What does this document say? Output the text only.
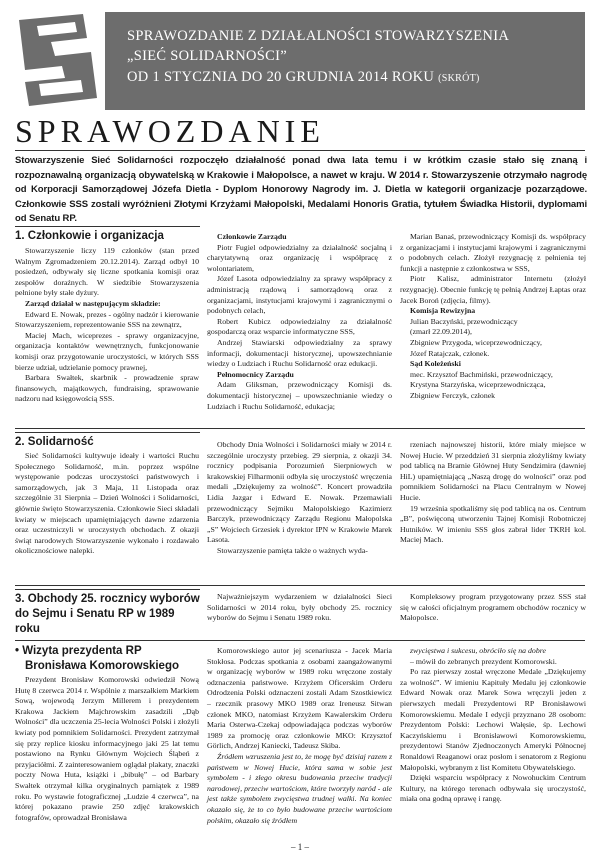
SPRAWOZDANIE Z DZIAŁALNOŚCI STOWARZYSZENIA
„SIEĆ SOLIDARNOŚCI”
OD 1 STYCZNIA DO 20 GRUDNIA 2014 ROKU (SKRÓT)
SPRAWOZDANIE
Stowarzyszenie Sieć Solidarności rozpoczęło działalność ponad dwa lata temu i w krótkim czasie stało się znaną i rozpoznawalną organizacją obywatelską w Krakowie i Małopolsce, a nawet w kraju. W 2014 r. Stowarzyszenie otrzymało nagrodę od Korporacji Samorządowej Józefa Dietla - Dyplom Honorowy Nagrody im. J. Dietla w kategorii organizacje pozarządowe. Członkowie SSS zostali wyróżnieni Złotymi Krzyżami Małopolski, Medalami Honoris Gratia, tytułem Świadka Historii, dyplomami od Senatu RP.
1. Członkowie i organizacja

Stowarzyszenie liczy 119 członków (stan przed Walnym Zgromadzeniem 20.12.2014). Zarząd odbył 10 posiedzeń, odbywały się liczne spotkania komisji oraz zespołów doraźnych. W siedzibie Stowarzyszenia pełnione były stałe dyżury.

Zarząd działał w następującym składzie:

Edward E. Nowak, prezes - ogólny nadzór i kierowanie Stowarzyszeniem, reprezentowanie SSS na zewnątrz,

Maciej Mach, wiceprezes - sprawy organizacyjne, organizacja kontaktów wewnętrznych, funkcjonowanie komisji oraz przygotowanie uroczystości, w których SSS bierze udział, udzielanie pomocy prawnej,

Barbara Swałtek, skarbnik - prowadzenie spraw finansowych, majątkowych, fundraising, sprawowanie nadzoru nad księgowością SSS.

Członkowie Zarządu

Piotr Fugiel odpowiedzialny za działalność socjalną i charytatywną oraz organizację i współpracę z wolontariatem,

Józef Lasota odpowiedzialny za sprawy współpracy z administracją rządową i samorządową oraz z organizacjami, instytucjami krajowymi i zagranicznymi o podobnych celach,

Robert Kubicz odpowiedzialny za działalność gospodarczą oraz wsparcie informatyczne SSS,

Andrzej Stawiarski odpowiedzialny za sprawy informacji, dokumentacji historycznej, upowszechnianie wiedzy o Ludziach i Ruchu Solidarność oraz edukacji.

Pełnomocnicy Zarządu

Adam Gliksman, przewodniczący Komisji ds. dokumentacji historycznej – upowszechnianie wiedzy o Ludziach i Ruchu Solidarność, edukacja;

Marian Banaś, przewodniczący Komisji ds. współpracy z organizacjami i instytucjami krajowymi i zagranicznymi o podobnych celach. Złożył rezygnację z pełnienia tej funkcji a następnie z członkostwa w SSS,

Piotr Kalisz, administrator Internetu (złożył rezygnację). Obecnie funkcję tę pełnią Andrzej Łaptas oraz Jacek Boroń (zdjęcia, filmy).

Komisja Rewizyjna

Julian Baczyński, przewodniczący

(zmarł 22.09.2014),

Zbigniew Przygoda, wiceprzewodniczący,

Józef Ratajczak, członek.

Sąd Koleżeński

mec. Krzysztof Bachmiński, przewodniczący,

Krystyna Starzyńska, wiceprzewodnicząca,

Zbigniew Ferczyk, członek

2. Solidarność

Sieć Solidarności kultywuje ideały i wartości Ruchu Społecznego Solidarność, m.in. poprzez wspólne występowanie podczas uroczystości państwowych i samorządowych, jak 3 Maja, 11 Listopada oraz szczególnie 31 Sierpnia – Dzień Wolności i Solidarności, głównie święto Stowarzyszenia. Członkowie Sieci składali kwiaty w miejscach upamiętniających dawne zdarzenia oraz uczestniczyli w uroczystych obchodach. Z okazji świąt narodowych Stowarzyszenie wykonało i rozdawało okolicznościowe nalepki.

Obchody Dnia Wolności i Solidarności miały w 2014 r. szczególnie uroczysty przebieg. 29 sierpnia, z okazji 34. rocznicy podpisania Porozumień Sierpniowych w krakowskiej Filharmonii odbyła się uroczystość wręczenia medali „Dziękujemy za wolność”. Koncert prowadziła Lidia Jazgar i Edward E. Nowak. Przemawiali przewodniczący Sejmiku Małopolskiego Kazimierz Barczyk, przewodniczący Zarządu Regionu Małopolska „S” Wojciech Grzesiek i dyrektor IPN w Krakowie Marek Lasota.

Stowarzyszenie pamięta także o ważnych wyda-

rzeniach najnowszej historii, które miały miejsce w Nowej Hucie. W przeddzień 31 sierpnia złożyliśmy kwiaty pod tablicą na Bramie Głównej Huty Sendzimira (dawniej HiL) upamiętniającą „Naszą drogę do wolności” oraz pod pomnikiem Solidarności na Placu Centralnym w Nowej Hucie.

19 września spotkaliśmy się pod tablicą na os. Centrum „B”, poświęconą utworzeniu Tajnej Komisji Robotniczej Hutników. W imieniu SSS głos zabrał lider TKRH kol. Maciej Mach.

3. Obchody 25. rocznicy wyborów
do Sejmu i Senatu RP w 1989 roku

Najważniejszym wydarzeniem w działalności Sieci Solidarności w 2014 roku, były obchody 25. rocznicy wyborów do Sejmu i Senatu 1989 roku.

Kompleksowy program przygotowany przez SSS stał się w całości oficjalnym programem obchodów rocznicy w Małopolsce.

• Wizyta prezydenta RP
Bronisława Komorowskiego

Prezydent Bronisław Komorowski odwiedził Nową Hutę 8 czerwca 2014 r. Wspólnie z marszałkiem Markiem Sową, wojewodą Jerzym Millerem i prezydentem Krakowa Jackiem Majchrowskim zasadzili „Dąb Wolności” dla uczczenia 25-lecia Wolności Polski i złożyli kwiaty pod pomnikiem Solidarności. Prezydent zatrzymał się przy replice kiosku informacyjnego jaki 25 lat temu postawiono na Rynku Głównym Wojciech Śląbeń z przyjaciółmi. Z zainteresowaniem oglądał plakaty, znaczki poczty Nowa Huta, książki i „bibułę” – od Barbary Swałtek otrzymał kilka oryginalnych pamiątek z 1989 roku. Po wystawie fotograficznej „Ludzie 4 czerwca”, na której pokazano prawie 250 zdjęć krakowskich fotografów, oprowadzał Bronisława

Komorowskiego autor jej scenariusza - Jacek Maria Stokłosa. Podczas spotkania z osobami zaangażowanymi w organizację wyborów w 1989 roku wręczone zostały odznaczenia państwowe. Krzyżem Oficerskim Orderu Odrodzenia Polski odznaczeni zostali Adam Szostkiewicz – rzecznik prasowy MKO 1989 oraz Ireneusz Sitwan członek MKO, natomiast Krzyżem Kawalerskim Orderu Maria Osterwa-Czekaj odpowiadająca podczas wyborów 1989 za promocję oraz członkowie MKO: Krzysztof Görlich, Andrzej Kaniecki, Tadeusz Skiba.

Źródłem wzruszenia jest to, że mogę być dzisiaj razem z państwem w Nowej Hucie, która sama w sobie jest symbolem - i złego okresu budowania przeciw tradycji narodowej, przeciw wartościom, które tworzyły naród - ale jest także symbolem zwycięstwa trudnej walki. Na koniec okazało się, że to co było budowane przeciw wartościom polskim, okazało się źródłem

zwycięstwa i sukcesu, obróciło się na dobre

– mówił do zebranych prezydent Komorowski.

Po raz pierwszy został wręczone Medale „Dziękujemy za wolność”. W imieniu Kapituły Medalu jej członkowie Edward Nowak oraz Marek Sowa wręczyli jeden z pierwszych medali Prezydentowi RP Bronisławowi Komorowskiemu. Medale I edycji przyznano 28 osobom: Prezydentom Polski: Lechowi Wałęsie, śp. Lechowi Kaczyńskiemu i Bronisławowi Komorowskiemu, prezydentowi Stanów Zjednoczonych Ameryki Północnej Ronaldowi Reaganowi oraz posłom i senatorom z Regionu Małopolski, wybranym z list Komitetu Obywatelskiego.

Dzięki wsparciu współpracy z Nowohuckim Centrum Kultury, na którego terenach odbywała się uroczystość, miała ona godną oprawę i rangę.

– 1 –
